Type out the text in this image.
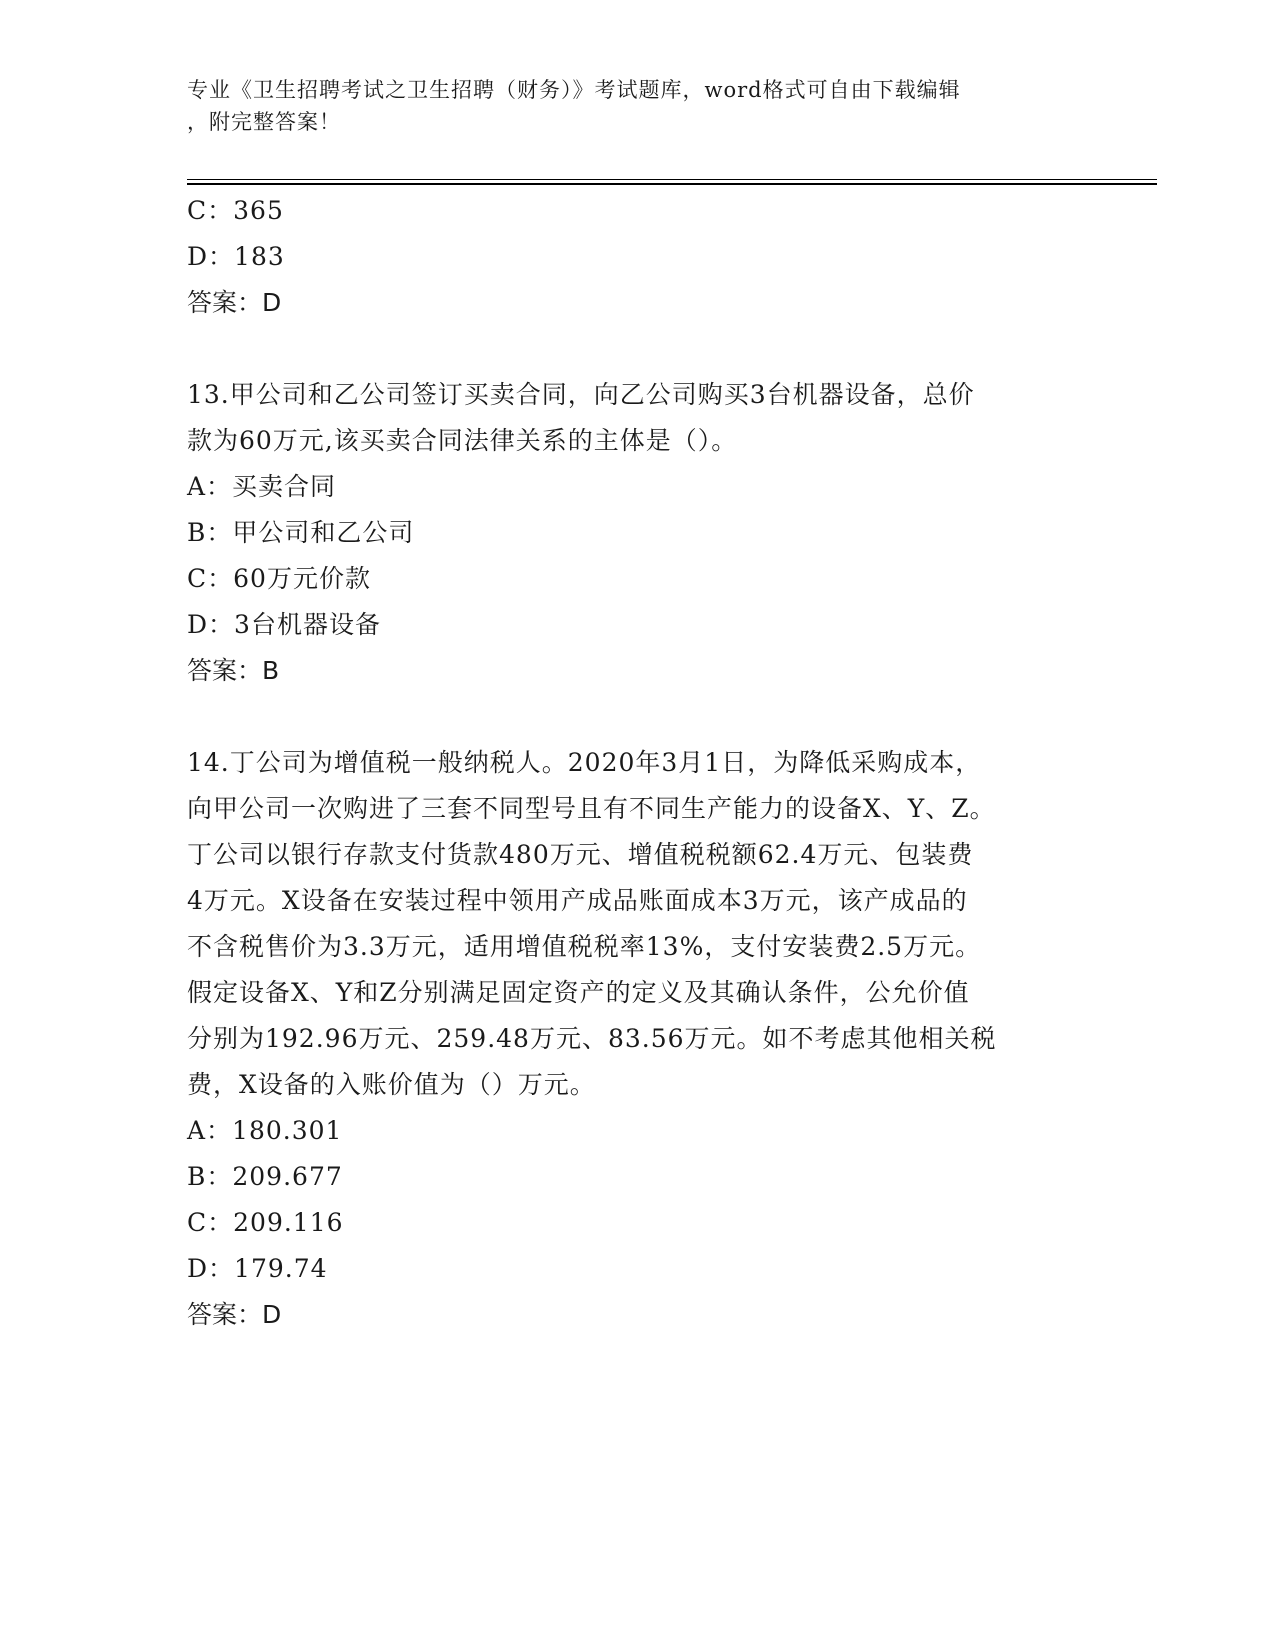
专业《卫生招聘考试之卫生招聘（财务）》考试题库，word格式可自由下载编辑
，附完整答案！
C：365
D：183
答案：D
13.甲公司和乙公司签订买卖合同，向乙公司购买3台机器设备，总价
款为60万元,该买卖合同法律关系的主体是（）。
A：买卖合同
B：甲公司和乙公司
C：60万元价款
D：3台机器设备
答案：B
14.丁公司为增值税一般纳税人。2020年3月1日，为降低采购成本，
向甲公司一次购进了三套不同型号且有不同生产能力的设备X、Y、Z。
丁公司以银行存款支付货款480万元、增值税税额62.4万元、包装费
4万元。X设备在安装过程中领用产成品账面成本3万元，该产成品的
不含税售价为3.3万元，适用增值税税率13%，支付安装费2.5万元。
假定设备X、Y和Z分别满足固定资产的定义及其确认条件，公允价值
分别为192.96万元、259.48万元、83.56万元。如不考虑其他相关税
费，X设备的入账价值为（）万元。
A：180.301
B：209.677
C：209.116
D：179.74
答案：D
